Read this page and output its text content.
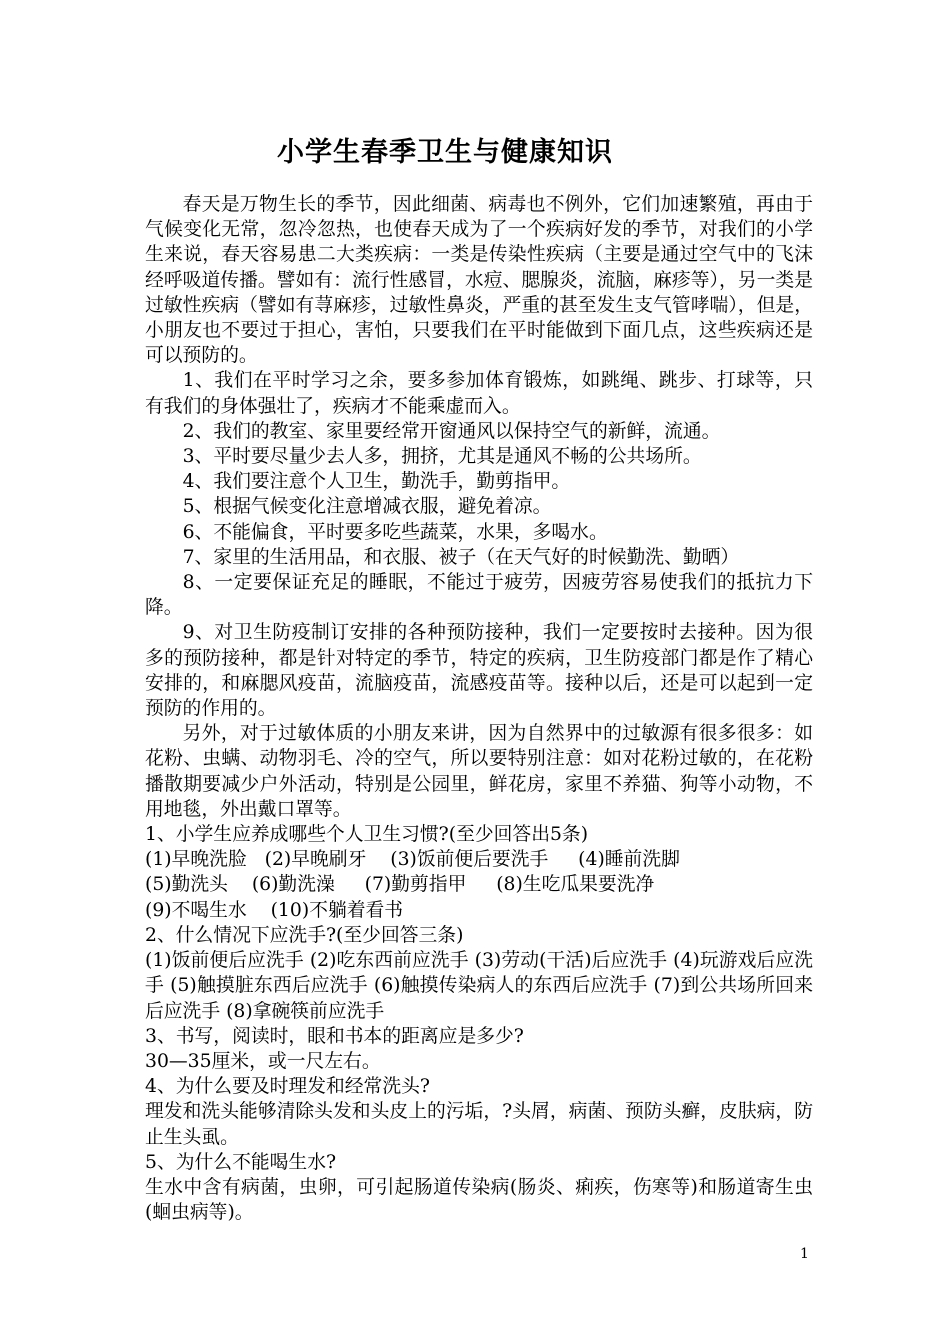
小学生春季卫生与健康知识

春天是万物生长的季节，因此细菌、病毒也不例外，它们加速繁殖，再由于气候变化无常，忽冷忽热，也使春天成为了一个疾病好发的季节，对我们的小学生来说，春天容易患二大类疾病：一类是传染性疾病（主要是通过空气中的飞沫经呼吸道传播。譬如有：流行性感冒，水痘、腮腺炎，流脑，麻疹等），另一类是过敏性疾病（譬如有荨麻疹，过敏性鼻炎，严重的甚至发生支气管哮喘），但是，小朋友也不要过于担心，害怕，只要我们在平时能做到下面几点，这些疾病还是可以预防的。

1、我们在平时学习之余，要多参加体育锻炼，如跳绳、跳步、打球等，只有我们的身体强壮了，疾病才不能乘虚而入。

2、我们的教室、家里要经常开窗通风以保持空气的新鲜，流通。

3、平时要尽量少去人多，拥挤，尤其是通风不畅的公共场所。

4、我们要注意个人卫生，勤洗手，勤剪指甲。

5、根据气候变化注意增减衣服，避免着凉。

6、不能偏食，平时要多吃些蔬菜，水果，多喝水。

7、家里的生活用品，和衣服、被子（在天气好的时候勤洗、勤晒）

8、一定要保证充足的睡眠，不能过于疲劳，因疲劳容易使我们的抵抗力下降。

9、对卫生防疫制订安排的各种预防接种，我们一定要按时去接种。因为很多的预防接种，都是针对特定的季节，特定的疾病，卫生防疫部门都是作了精心安排的，和麻腮风疫苗，流脑疫苗，流感疫苗等。接种以后，还是可以起到一定预防的作用的。

另外，对于过敏体质的小朋友来讲，因为自然界中的过敏源有很多很多：如花粉、虫螨、动物羽毛、冷的空气，所以要特别注意：如对花粉过敏的，在花粉播散期要减少户外活动，特别是公园里，鲜花房，家里不养猫、狗等小动物，不用地毯，外出戴口罩等。

1、小学生应养成哪些个人卫生习惯?(至少回答出5条)

(1)早晚洗脸   (2)早晚刷牙    (3)饭前便后要洗手     (4)睡前洗脚

(5)勤洗头    (6)勤洗澡     (7)勤剪指甲     (8)生吃瓜果要洗净

(9)不喝生水    (10)不躺着看书

2、什么情况下应洗手?(至少回答三条)

(1)饭前便后应洗手 (2)吃东西前应洗手 (3)劳动(干活)后应洗手 (4)玩游戏后应洗手 (5)触摸脏东西后应洗手 (6)触摸传染病人的东西后应洗手 (7)到公共场所回来后应洗手 (8)拿碗筷前应洗手

3、书写，阅读时，眼和书本的距离应是多少?

30—35厘米，或一尺左右。

4、为什么要及时理发和经常洗头?

理发和洗头能够清除头发和头皮上的污垢，?头屑，病菌、预防头癣，皮肤病，防止生头虱。

5、为什么不能喝生水?

生水中含有病菌，虫卵，可引起肠道传染病(肠炎、痢疾，伤寒等)和肠道寄生虫(蛔虫病等)。

1
